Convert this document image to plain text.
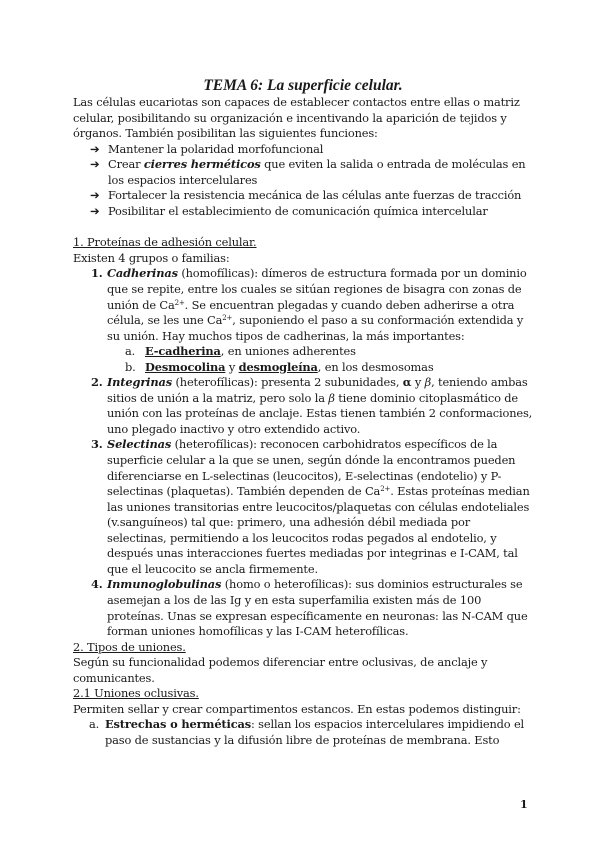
TEMA 6: La superficie celular.

Las células eucariotas son capaces de establecer contactos entre ellas o matriz celular, posibilitando su organización e incentivando la aparición de tejidos y órganos. También posibilitan las siguientes funciones:

➔ Mantener la polaridad morfofuncional
➔ Crear cierres herméticos que eviten la salida o entrada de moléculas en los espacios intercelulares
➔ Fortalecer la resistencia mecánica de las células ante fuerzas de tracción
➔ Posibilitar el establecimiento de comunicación química intercelular

1. Proteínas de adhesión celular.

Existen 4 grupos o familias:

1. Cadherinas (homofílicas): dímeros de estructura formada por un dominio que se repite, entre los cuales se sitúan regiones de bisagra con zonas de unión de $Ca^{2+}$. Se encuentran plegadas y cuando deben adherirse a otra célula, se les une $Ca^{2+}$, suponiendo el paso a su conformación extendida y su unión. Hay muchos tipos de cadherinas, la más importantes:
a. E-cadherina, en uniones adherentes
b. Desmocolina y desmogleína, en los desmosomas
2. Integrinas (heterofílicas): presenta 2 subunidades, α y β, teniendo ambas sitios de unión a la matriz, pero solo la β tiene dominio citoplasmático de unión con las proteínas de anclaje. Estas tienen también 2 conformaciones, uno plegado inactivo y otro extendido activo.
3. Selectinas (heterofílicas): reconocen carbohidratos específicos de la superficie celular a la que se unen, según dónde la encontramos pueden diferenciarse en L-selectinas (leucocitos), E-selectinas (endotelio) y P-selectinas (plaquetas). También dependen de $Ca^{2+}$. Estas proteínas median las uniones transitorias entre leucocitos/plaquetas con células endoteliales (v.sanguíneos) tal que: primero, una adhesión débil mediada por selectinas, permitiendo a los leucocitos rodas pegados al endotelio, y después unas interacciones fuertes mediadas por integrinas e I-CAM, tal que el leucocito se ancla firmemente.
4. Inmunoglobulinas (homo o heterofílicas): sus dominios estructurales se asemejan a los de las Ig y en esta superfamilia existen más de 100 proteínas. Unas se expresan específicamente en neuronas: las N-CAM que forman uniones homofílicas y las I-CAM heterofílicas.

2. Tipos de uniones.

Según su funcionalidad podemos diferenciar entre oclusivas, de anclaje y comunicantes.

2.1 Uniones oclusivas.

Permiten sellar y crear compartimentos estancos. En estas podemos distinguir:

a. Estrechas o herméticas: sellan los espacios intercelulares impidiendo el paso de sustancias y la difusión libre de proteínas de membrana. Esto
1
